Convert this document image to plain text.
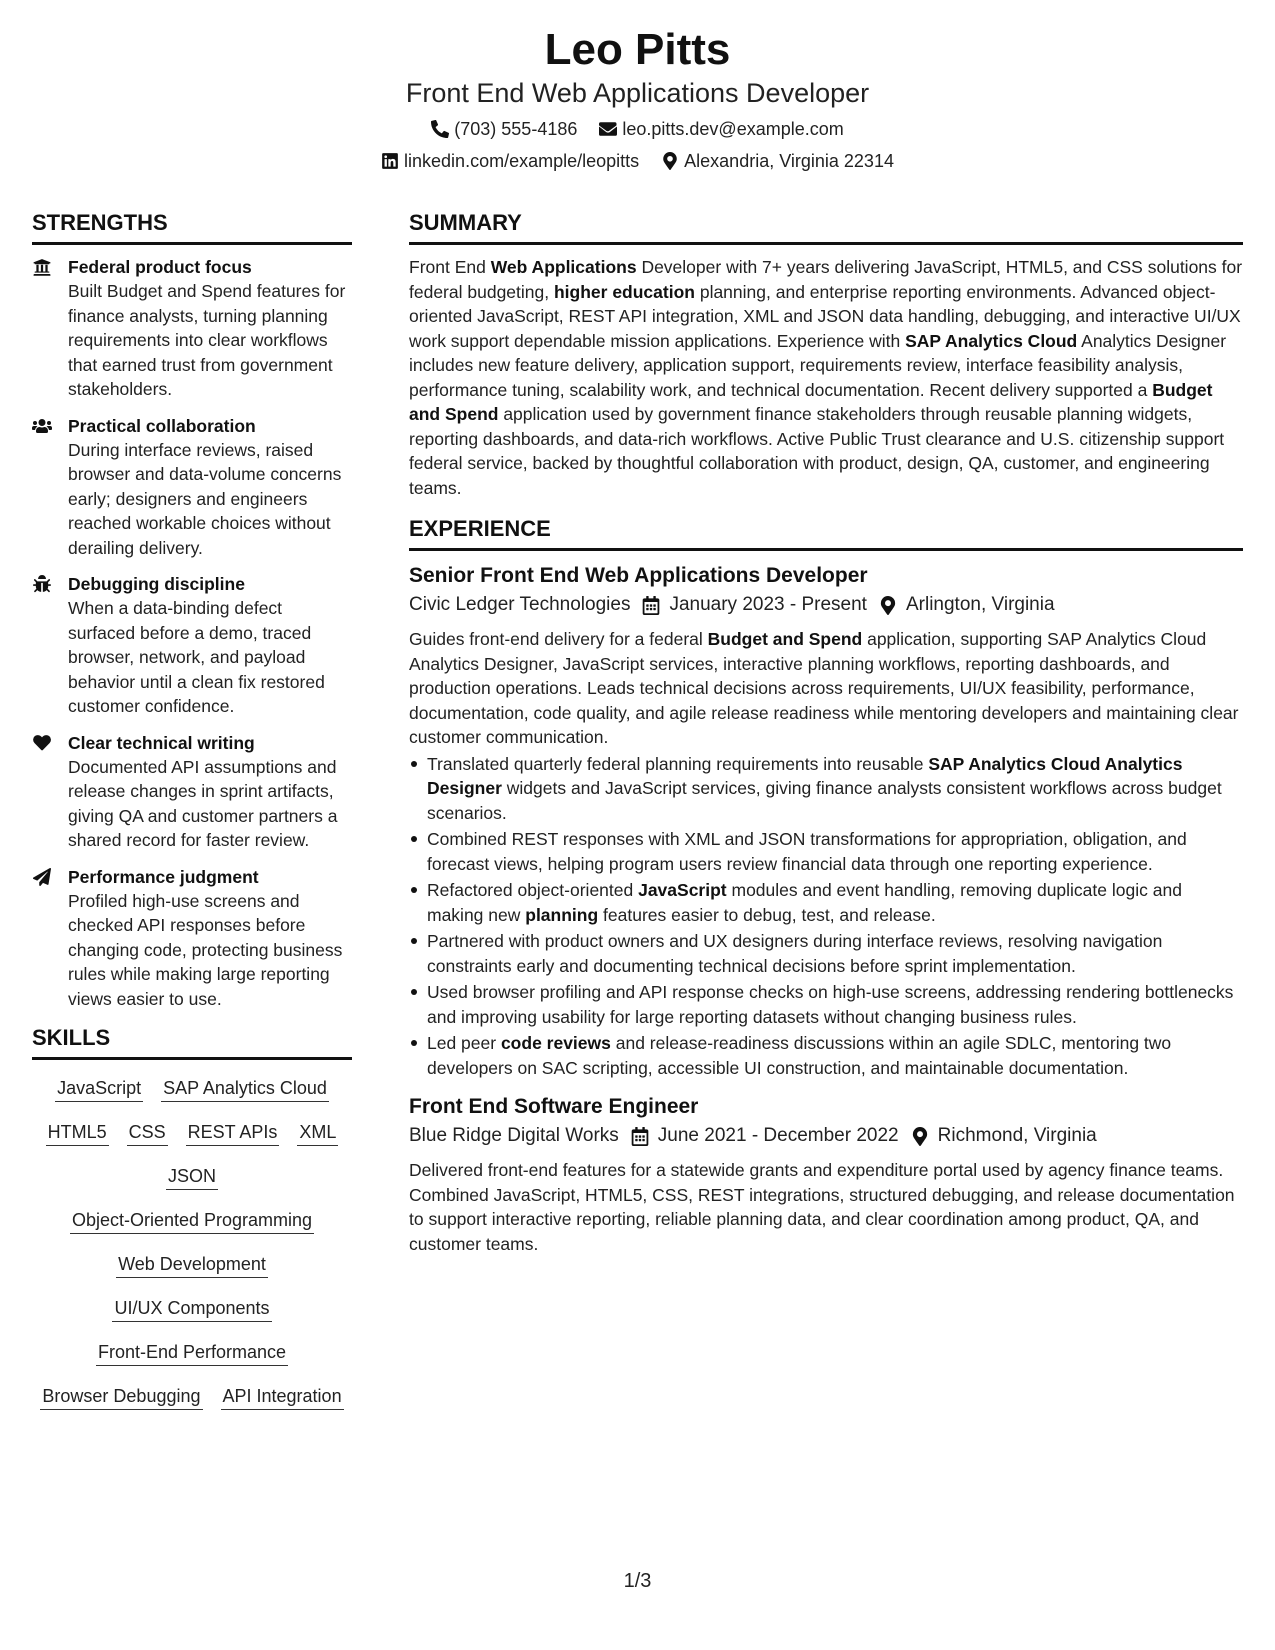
Leo Pitts
Front End Web Applications Developer
(703) 555-4186	leo.pitts.dev@example.com
linkedin.com/example/leopitts	Alexandria, Virginia 22314
STRENGTHS
Federal product focus
Built Budget and Spend features for finance analysts, turning planning requirements into clear workflows that earned trust from government stakeholders.
Practical collaboration
During interface reviews, raised browser and data-volume concerns early; designers and engineers reached workable choices without derailing delivery.
Debugging discipline
When a data-binding defect surfaced before a demo, traced browser, network, and payload behavior until a clean fix restored customer confidence.
Clear technical writing
Documented API assumptions and release changes in sprint artifacts, giving QA and customer partners a shared record for faster review.
Performance judgment
Profiled high-use screens and checked API responses before changing code, protecting business rules while making large reporting views easier to use.
SKILLS
JavaScript SAP Analytics Cloud
HTML5 CSS REST APIs XML
JSON
Object-Oriented Programming
Web Development
UI/UX Components
Front-End Performance
Browser Debugging API Integration
SUMMARY

Front End Web Applications Developer with 7+ years delivering JavaScript, HTML5, and CSS solutions for federal budgeting, higher education planning, and enterprise reporting environments. Advanced object-oriented JavaScript, REST API integration, XML and JSON data handling, debugging, and interactive UI/UX work support dependable mission applications. Experience with SAP Analytics Cloud Analytics Designer includes new feature delivery, application support, requirements review, interface feasibility analysis, performance tuning, scalability work, and technical documentation. Recent delivery supported a Budget and Spend application used by government finance stakeholders through reusable planning widgets, reporting dashboards, and data-rich workflows. Active Public Trust clearance and U.S. citizenship support federal service, backed by thoughtful collaboration with product, design, QA, customer, and engineering teams.

EXPERIENCE
Senior Front End Web Applications Developer
Civic Ledger Technologies January 2023 - Present Arlington, Virginia

Guides front-end delivery for a federal Budget and Spend application, supporting SAP Analytics Cloud Analytics Designer, JavaScript services, interactive planning workflows, reporting dashboards, and production operations. Leads technical decisions across requirements, UI/UX feasibility, performance, documentation, code quality, and agile release readiness while mentoring developers and maintaining clear customer communication.

Translated quarterly federal planning requirements into reusable SAP Analytics Cloud Analytics Designer widgets and JavaScript services, giving finance analysts consistent workflows across budget scenarios.
Combined REST responses with XML and JSON transformations for appropriation, obligation, and forecast views, helping program users review financial data through one reporting experience.
Refactored object-oriented JavaScript modules and event handling, removing duplicate logic and making new planning features easier to debug, test, and release.
Partnered with product owners and UX designers during interface reviews, resolving navigation constraints early and documenting technical decisions before sprint implementation.
Used browser profiling and API response checks on high-use screens, addressing rendering bottlenecks and improving usability for large reporting datasets without changing business rules.
Led peer code reviews and release-readiness discussions within an agile SDLC, mentoring two developers on SAC scripting, accessible UI construction, and maintainable documentation.
Front End Software Engineer
Blue Ridge Digital Works June 2021 - December 2022 Richmond, Virginia

Delivered front-end features for a statewide grants and expenditure portal used by agency finance teams. Combined JavaScript, HTML5, CSS, REST integrations, structured debugging, and release documentation to support interactive reporting, reliable planning data, and clear coordination among product, QA, and customer teams.

1/3
